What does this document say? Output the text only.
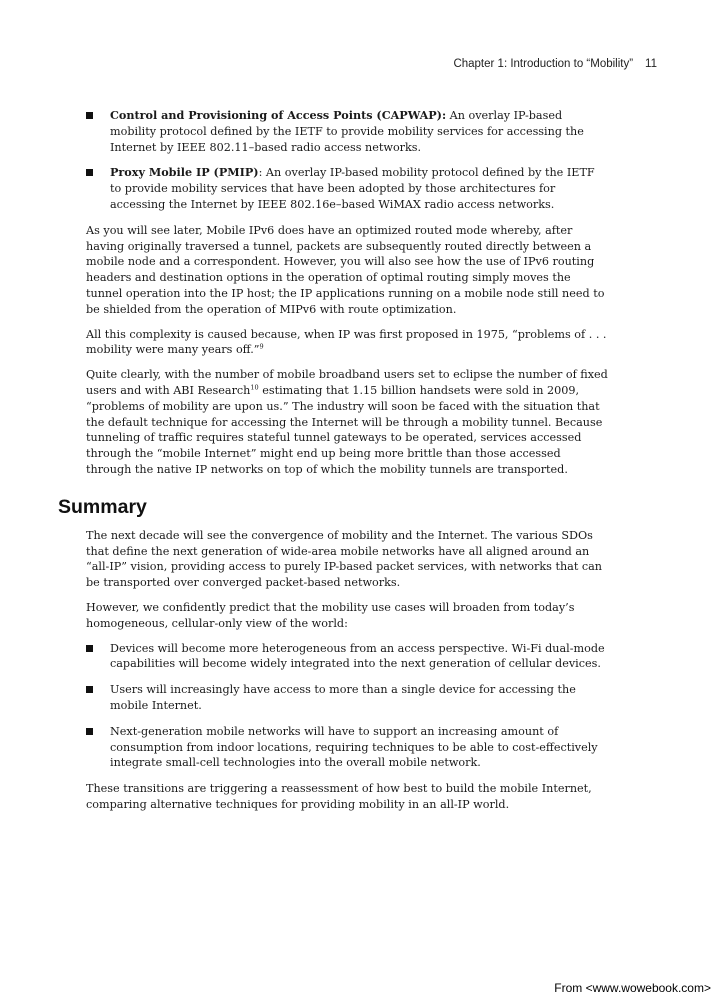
Chapter 1: Introduction to “Mobility” 11
Control and Provisioning of Access Points (CAPWAP): An overlay IP-based mobility protocol defined by the IETF to provide mobility services for accessing the Internet by IEEE 802.11–based radio access networks.
Proxy Mobile IP (PMIP): An overlay IP-based mobility protocol defined by the IETF to provide mobility services that have been adopted by those architectures for accessing the Internet by IEEE 802.16e–based WiMAX radio access networks.

As you will see later, Mobile IPv6 does have an optimized routed mode whereby, after having originally traversed a tunnel, packets are subsequently routed directly between a mobile node and a correspondent. However, you will also see how the use of IPv6 routing headers and destination options in the operation of optimal routing simply moves the tunnel operation into the IP host; the IP applications running on a mobile node still need to be shielded from the operation of MIPv6 with route optimization.

All this complexity is caused because, when IP was first proposed in 1975, “problems of . . . mobility were many years off.”$^9$

Quite clearly, with the number of mobile broadband users set to eclipse the number of fixed users and with ABI Research$^{10}$ estimating that 1.15 billion handsets were sold in 2009, “problems of mobility are upon us.” The industry will soon be faced with the situation that the default technique for accessing the Internet will be through a mobility tunnel. Because tunneling of traffic requires stateful tunnel gateways to be operated, services accessed through the “mobile Internet” might end up being more brittle than those accessed through the native IP networks on top of which the mobility tunnels are transported.

Summary

The next decade will see the convergence of mobility and the Internet. The various SDOs that define the next generation of wide-area mobile networks have all aligned around an “all-IP” vision, providing access to purely IP-based packet services, with networks that can be transported over converged packet-based networks.

However, we confidently predict that the mobility use cases will broaden from today’s homogeneous, cellular-only view of the world:

Devices will become more heterogeneous from an access perspective. Wi-Fi dual-mode capabilities will become widely integrated into the next generation of cellular devices.
Users will increasingly have access to more than a single device for accessing the mobile Internet.
Next-generation mobile networks will have to support an increasing amount of consumption from indoor locations, requiring techniques to be able to cost-effectively integrate small-cell technologies into the overall mobile network.

These transitions are triggering a reassessment of how best to build the mobile Internet, comparing alternative techniques for providing mobility in an all-IP world.

From <www.wowebook.com>
